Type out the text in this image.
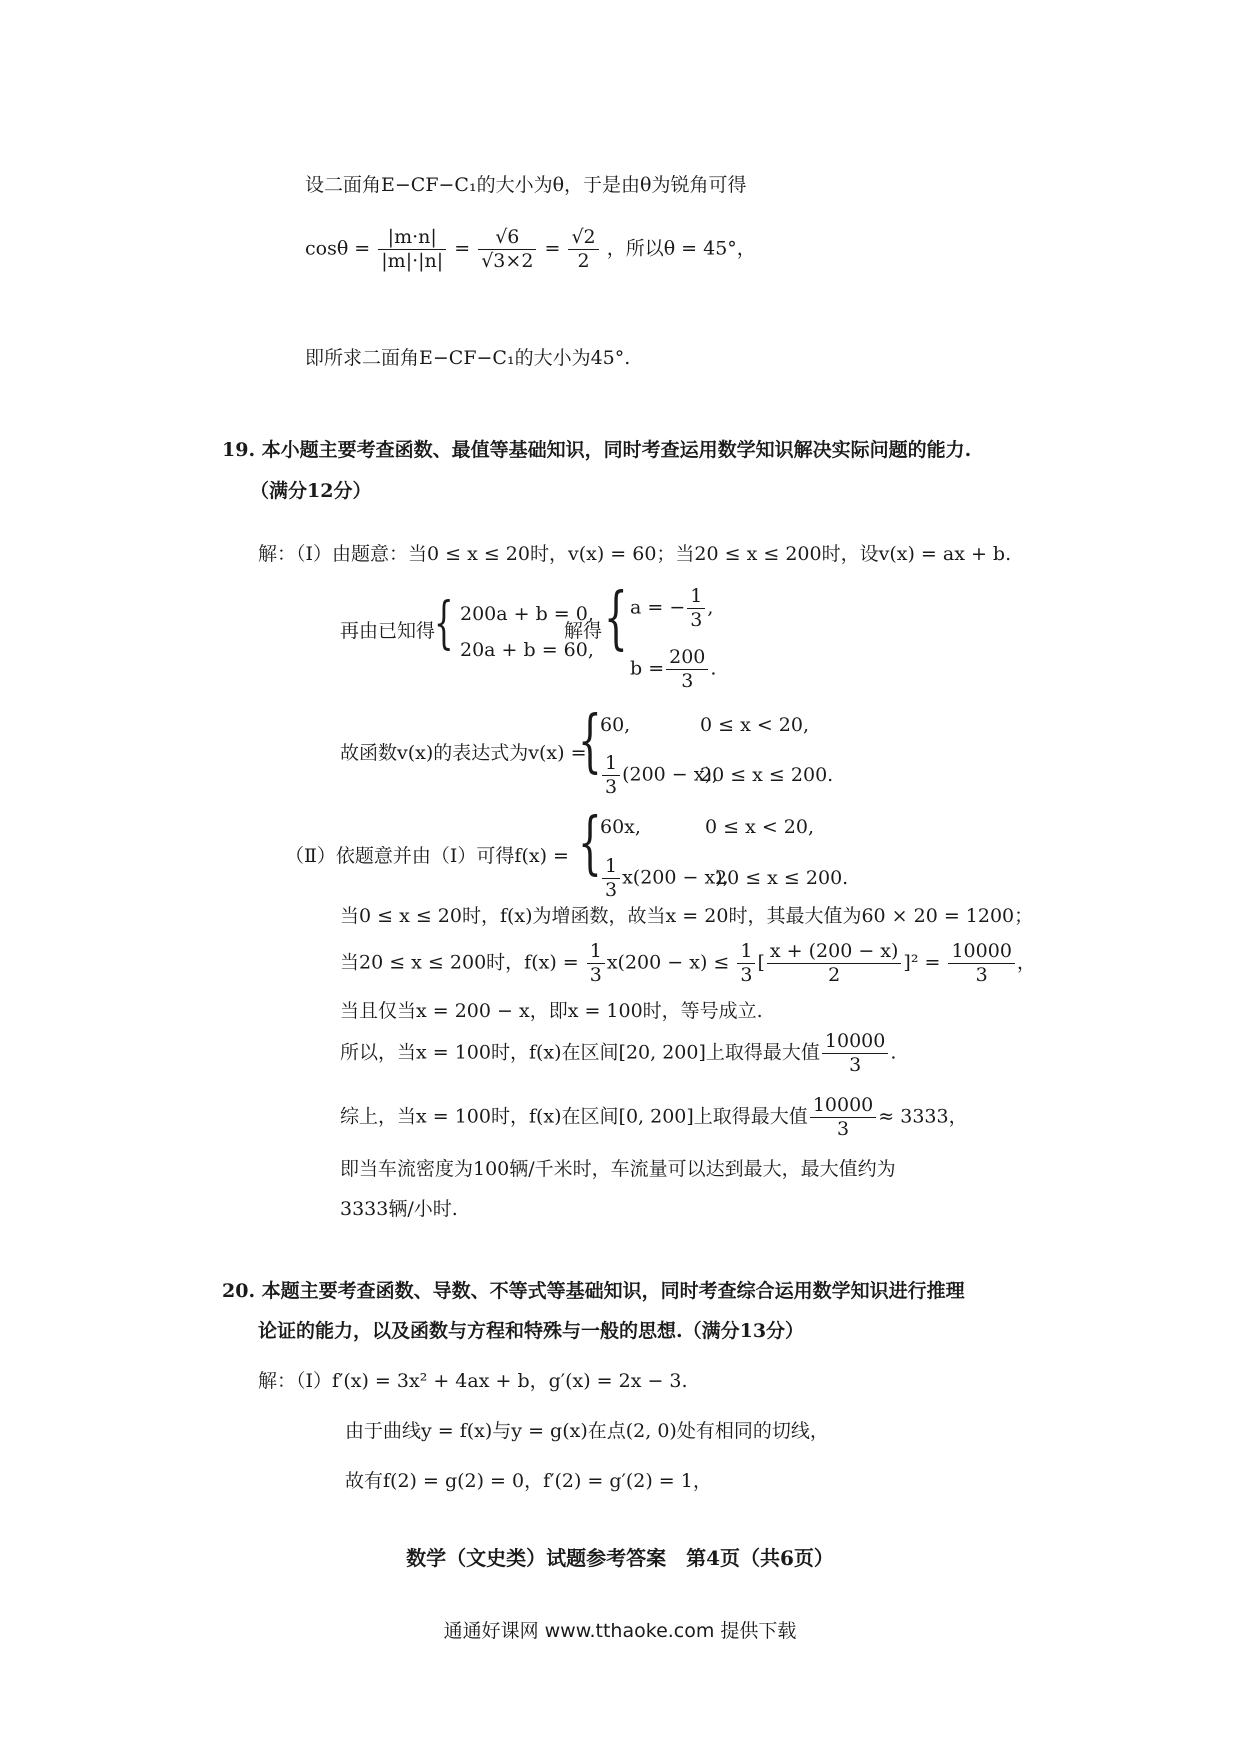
设二面角E−CF−C₁的大小为θ，于是由θ为锐角可得
$\cos\theta = \frac{|m\cdot n|}{|m|\cdot|n|} = \frac{√6}{√3\times 2} = \frac{√2}{2}$ ，所以θ = 45°，
即所求二面角E−CF−C₁的大小为45°.
19. 本小题主要考查函数、最值等基础知识，同时考查运用数学知识解决实际问题的能力.
（满分12分）
解：（Ⅰ）由题意：当0 ≤ x ≤ 20时，v(x) = 60；当20 ≤ x ≤ 200时，设v(x) = ax + b.
再由已知得
{ 200a + b = 0,
20a + b = 60,
解得 { a = − $\frac{1}{3}$ ,
$b = \frac{200}{3}$ .
故函数v(x)的表达式为v(x) =
{
60,	0 ≤ x < 20,
$\frac{1}{3} (200 - x)$,
20 ≤ x ≤ 200.
（Ⅱ）依题意并由（Ⅰ）可得f(x) = {
60x,	0 ≤ x < 20,
$\frac{1}{3} x(200 - x)$,
20 ≤ x ≤ 200.
当0 ≤ x ≤ 20时，f(x)为增函数，故当x = 20时，其最大值为60 × 20 = 1200；
当20 ≤ x ≤ 200时，$f(x) = \frac{1}{3} x(200 - x) \le \frac{1}{3}$ [ $\frac{x + (200 - x)}{2} ]^2 = \frac{10000}{3}$ ，
当且仅当x = 200 − x，即x = 100时，等号成立.
所以，当x = 100时，f(x)在区间[20, 200]上取得最大值 $\frac{10000}{3}$ .
综上，当x = 100时，f(x)在区间[0, 200]上取得最大值 $\frac{10000}{3} \approx 3333$，
即当车流密度为100辆/千米时，车流量可以达到最大，最大值约为
3333辆/小时.
20. 本题主要考查函数、导数、不等式等基础知识，同时考查综合运用数学知识进行推理
论证的能力，以及函数与方程和特殊与一般的思想.（满分13分）
解：（Ⅰ）f′(x) = 3x² + 4ax + b，g′(x) = 2x − 3.
由于曲线y = f(x)与y = g(x)在点(2, 0)处有相同的切线，
故有f(2) = g(2) = 0，f′(2) = g′(2) = 1，
数学（文史类）试题参考答案　第4页（共6页）
通通好课网 www.tthaoke.com 提供下载
